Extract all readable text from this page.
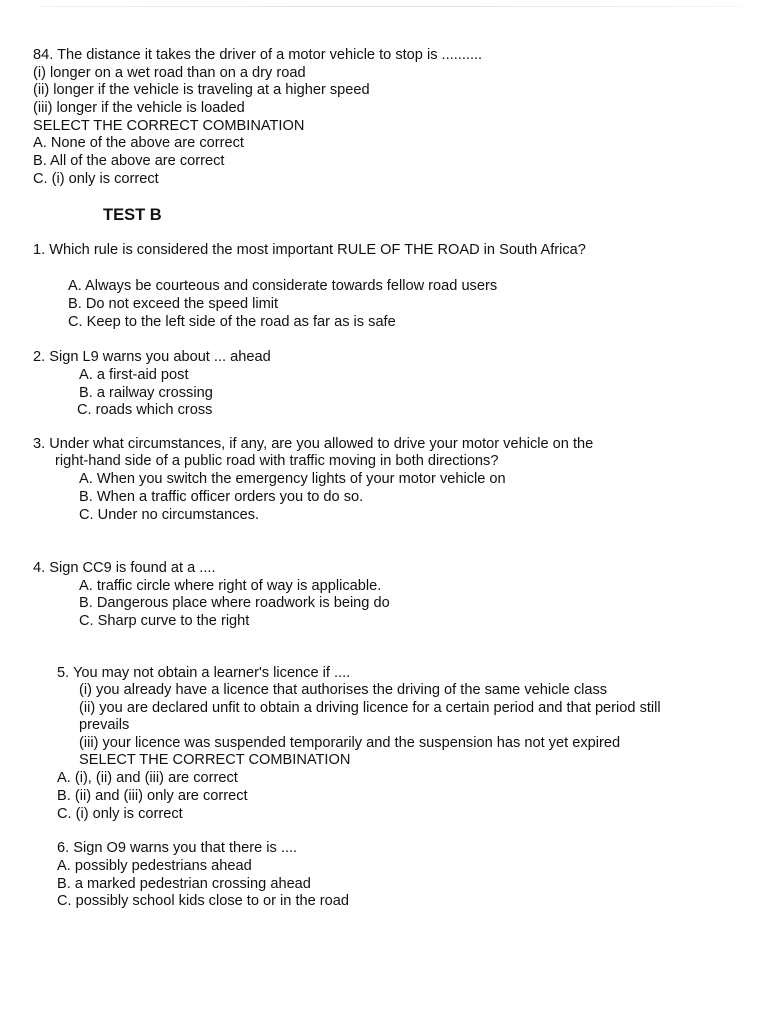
84. The distance it takes the driver of a motor vehicle to stop is ..........
(i) longer on a wet road than on a dry road
(ii) longer if the vehicle is traveling at a higher speed
(iii) longer if the vehicle is loaded
SELECT THE CORRECT COMBINATION
A. None of the above are correct
B. All of the above are correct
C. (i) only is correct
TEST B
1. Which rule is considered the most important RULE OF THE ROAD in South Africa?
A. Always be courteous and considerate towards fellow road users
B. Do not exceed the speed limit
C. Keep to the left side of the road as far as is safe
2. Sign L9 warns you about ... ahead
A. a first-aid post
B. a railway crossing
C. roads which cross
3. Under what circumstances, if any, are you allowed to drive your motor vehicle on the
right-hand side of a public road with traffic moving in both directions?
A. When you switch the emergency lights of your motor vehicle on
B. When a traffic officer orders you to do so.
C. Under no circumstances.
4. Sign CC9 is found at a ....
A. traffic circle where right of way is applicable.
B. Dangerous place where roadwork is being do
C. Sharp curve to the right
5. You may not obtain a learner's licence if ....
(i) you already have a licence that authorises the driving of the same vehicle class
(ii) you are declared unfit to obtain a driving licence for a certain period and that period still
prevails
(iii) your licence was suspended temporarily and the suspension has not yet expired
SELECT THE CORRECT COMBINATION
A. (i), (ii) and (iii) are correct
B. (ii) and (iii) only are correct
C. (i) only is correct
6. Sign O9 warns you that there is ....
A. possibly pedestrians ahead
B. a marked pedestrian crossing ahead
C. possibly school kids close to or in the road
